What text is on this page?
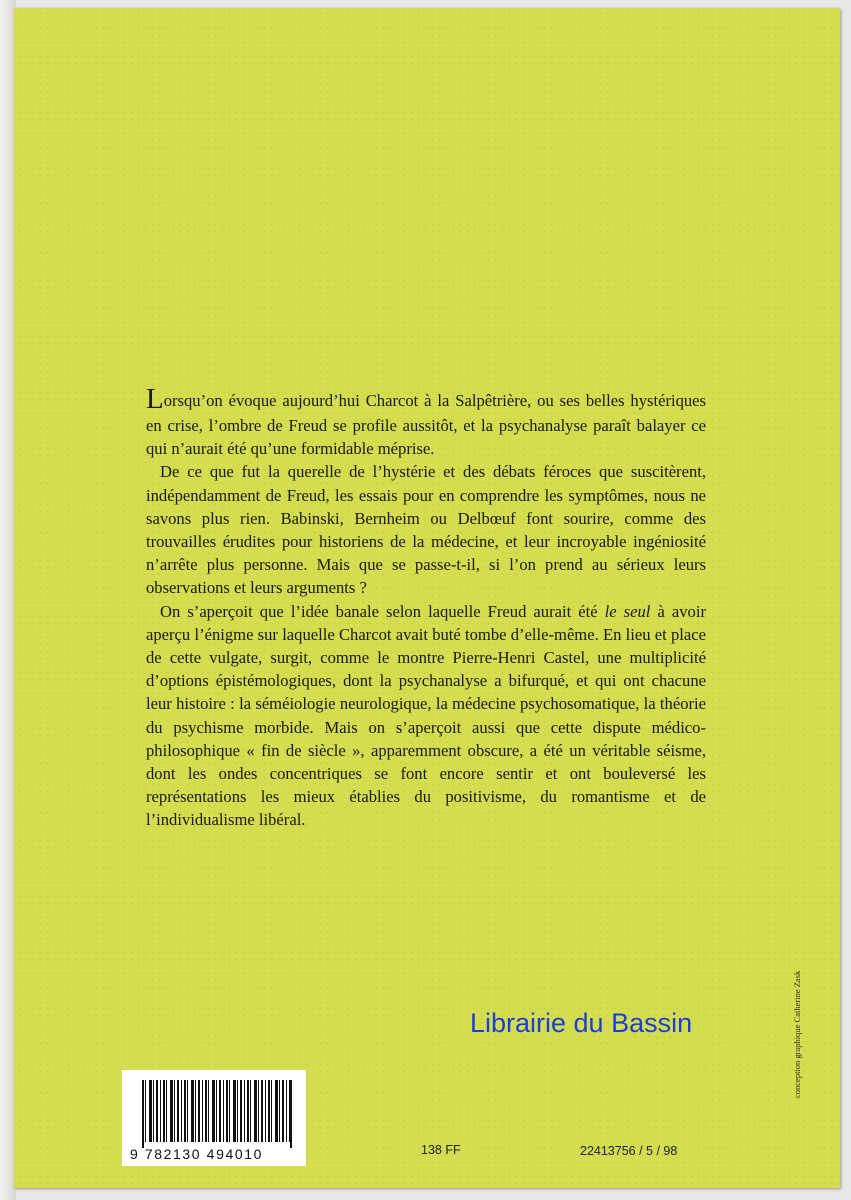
Lorsqu’on évoque aujourd’hui Charcot à la Salpêtrière, ou ses belles hystériques en crise, l’ombre de Freud se profile aussitôt, et la psychanalyse paraît balayer ce qui n’aurait été qu’une formidable méprise.

De ce que fut la querelle de l’hystérie et des débats féroces que suscitèrent, indépendamment de Freud, les essais pour en comprendre les symptômes, nous ne savons plus rien. Babinski, Bernheim ou Delbœuf font sourire, comme des trouvailles érudites pour historiens de la médecine, et leur incroyable ingéniosité n’arrête plus personne. Mais que se passe-t-il, si l’on prend au sérieux leurs observations et leurs arguments ?

On s’aperçoit que l’idée banale selon laquelle Freud aurait été le seul à avoir aperçu l’énigme sur laquelle Charcot avait buté tombe d’elle-même. En lieu et place de cette vulgate, surgit, comme le montre Pierre-Henri Castel, une multiplicité d’options épistémologiques, dont la psychanalyse a bifurqué, et qui ont chacune leur histoire : la séméiologie neurologique, la médecine psychosomatique, la théorie du psychisme morbide. Mais on s’aperçoit aussi que cette dispute médico-philosophique « fin de siècle », apparemment obscure, a été un véritable séisme, dont les ondes concentriques se font encore sentir et ont bouleversé les représentations les mieux établies du positivisme, du romantisme et de l’individualisme libéral.

conception graphique Catherine Zask
Librairie du Bassin
9 782130 494010	138 FF	22413756 / 5 / 98
